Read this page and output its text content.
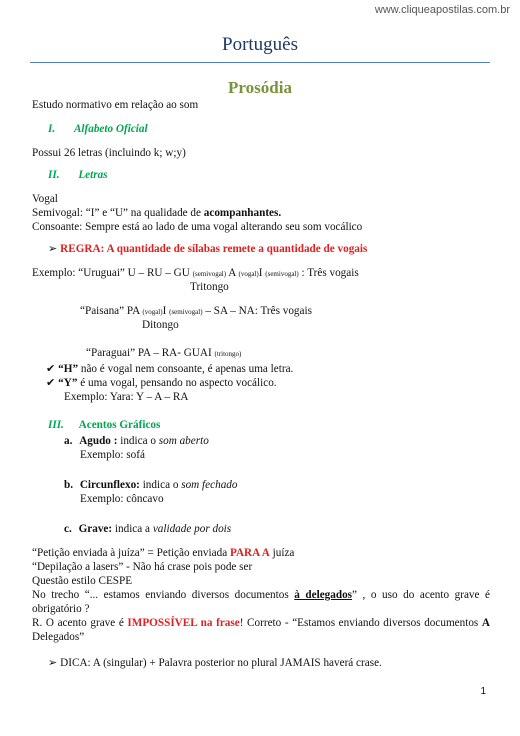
www.cliqueapostilas.com.br
Português
Prosódia
Estudo normativo em relação ao som
I. Alfabeto Oficial
Possui 26 letras (incluindo k; w;y)
II. Letras
Vogal
Semivogal: “I” e “U” na qualidade de acompanhantes.
Consoante: Sempre está ao lado de uma vogal alterando seu som vocálico
➢ REGRA: A quantidade de sílabas remete a quantidade de vogais
Exemplo: “Uruguai” U – RU – GU (semivogal) A (vogal)I (semivogal) : Três vogais
Tritongo
“Paisana” PA (vogal)I (semivogal) – SA – NA: Três vogais
Ditongo
“Paraguai” PA – RA- GUAI (tritongo)
✔ “H” não é vogal nem consoante, é apenas uma letra.
✔ “Y” é uma vogal, pensando no aspecto vocálico.
Exemplo: Yara: Y – A – RA
III. Acentos Gráficos
a. Agudo : indica o som aberto
Exemplo: sofá
b. Circunflexo: indica o som fechado
Exemplo: côncavo
c. Grave: indica a validade por dois
“Petição enviada à juíza” = Petição enviada PARA A juíza
“Depilação a lasers” - Não há crase pois pode ser
Questão estilo CESPE
No trecho “... estamos enviando diversos documentos à delegados” , o uso do acento grave é obrigatório ?
R. O acento grave é IMPOSSÍVEL na frase! Correto - “Estamos enviando diversos documentos A Delegados”
➢ DICA: A (singular) + Palavra posterior no plural JAMAIS haverá crase.
1
